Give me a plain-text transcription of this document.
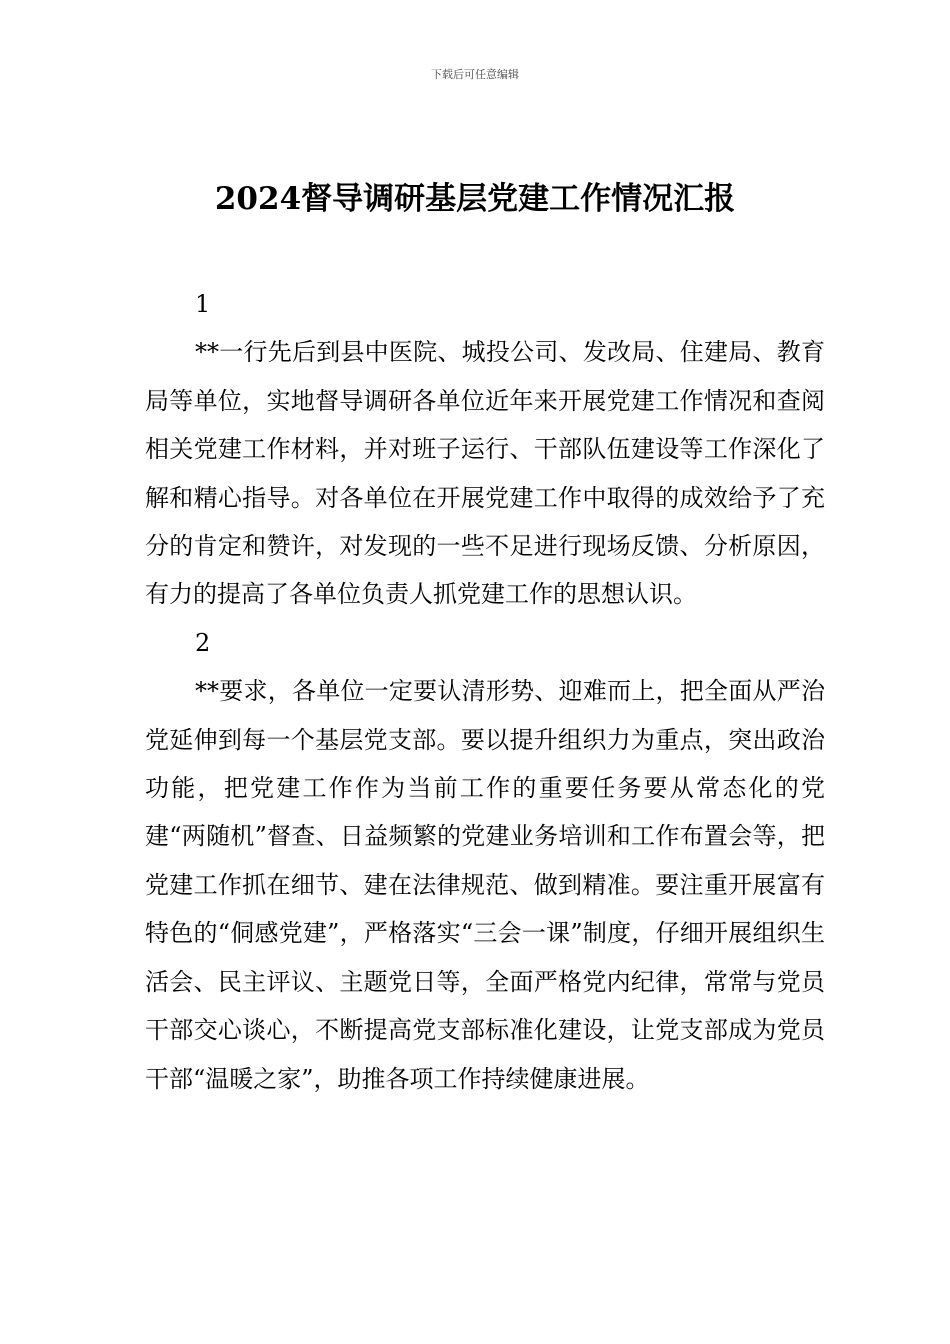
下载后可任意编辑
2024督导调研基层党建工作情况汇报
1
**一行先后到县中医院、城投公司、发改局、住建局、教育局等单位，实地督导调研各单位近年来开展党建工作情况和查阅相关党建工作材料，并对班子运行、干部队伍建设等工作深化了解和精心指导。对各单位在开展党建工作中取得的成效给予了充分的肯定和赞许，对发现的一些不足进行现场反馈、分析原因，有力的提高了各单位负责人抓党建工作的思想认识。
2
**要求，各单位一定要认清形势、迎难而上，把全面从严治党延伸到每一个基层党支部。要以提升组织力为重点，突出政治功能，把党建工作作为当前工作的重要任务要从常态化的党建“两随机”督查、日益频繁的党建业务培训和工作布置会等，把党建工作抓在细节、建在法律规范、做到精准。要注重开展富有特色的“侗感党建”，严格落实“三会一课”制度，仔细开展组织生活会、民主评议、主题党日等，全面严格党内纪律，常常与党员干部交心谈心，不断提高党支部标准化建设，让党支部成为党员干部“温暖之家”，助推各项工作持续健康进展。
